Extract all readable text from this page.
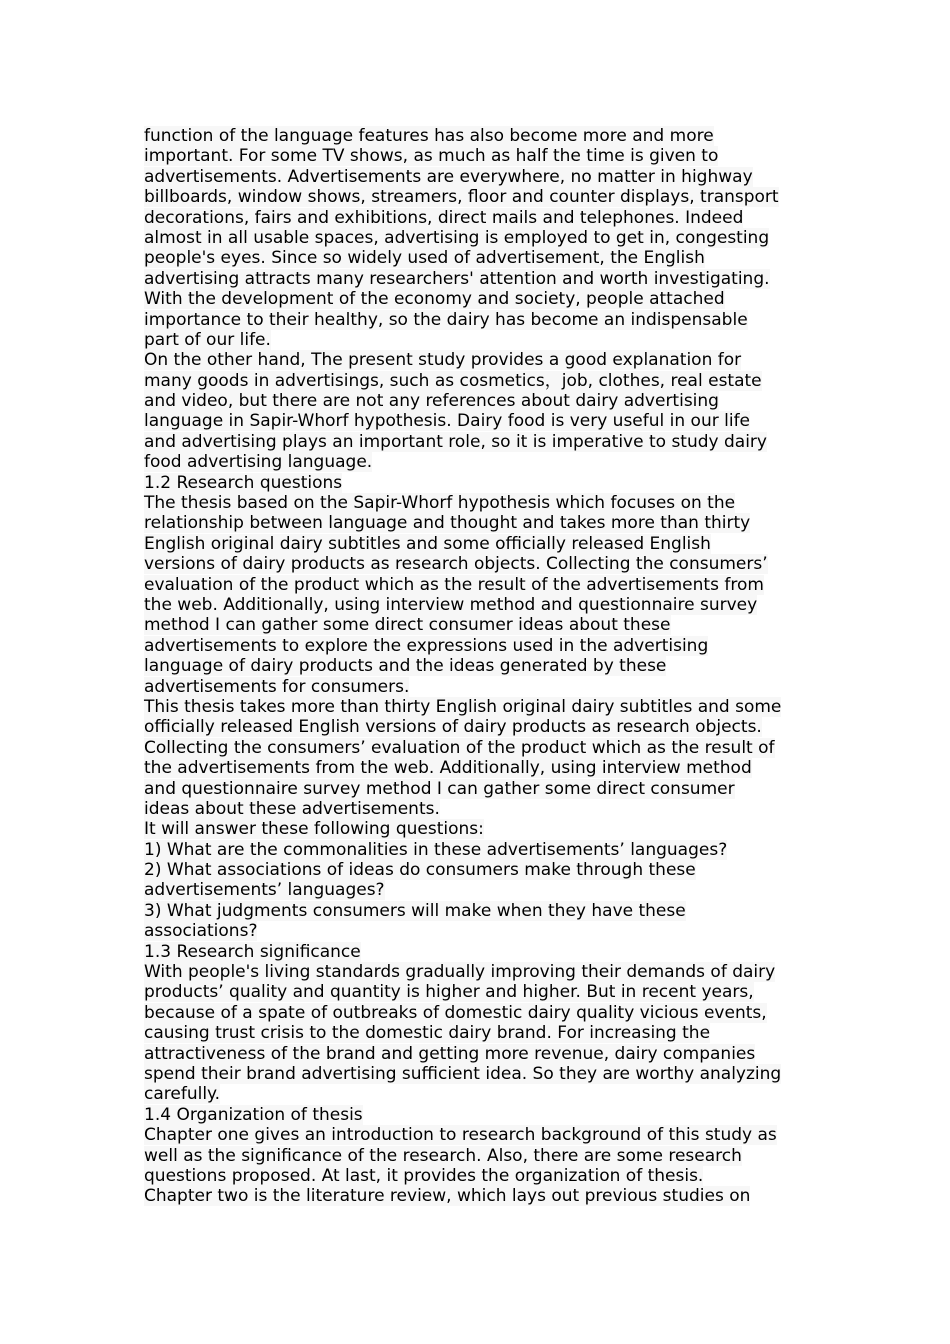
function of the language features has also become more and more
important. For some TV shows, as much as half the time is given to
advertisements. Advertisements are everywhere, no matter in highway
billboards, window shows, streamers, floor and counter displays, transport
decorations, fairs and exhibitions, direct mails and telephones. Indeed
almost in all usable spaces, advertising is employed to get in, congesting
people's eyes. Since so widely used of advertisement, the English
advertising attracts many researchers' attention and worth investigating.
With the development of the economy and society, people attached
importance to their healthy, so the dairy has become an indispensable
part of our life.
On the other hand, The present study provides a good explanation for
many goods in advertisings, such as cosmetics，job, clothes, real estate
and video, but there are not any references about dairy advertising
language in Sapir-Whorf hypothesis. Dairy food is very useful in our life
and advertising plays an important role, so it is imperative to study dairy
food advertising language.
1.2 Research questions
The thesis based on the Sapir-Whorf hypothesis which focuses on the
relationship between language and thought and takes more than thirty
English original dairy subtitles and some officially released English
versions of dairy products as research objects. Collecting the consumers’
evaluation of the product which as the result of the advertisements from
the web. Additionally, using interview method and questionnaire survey
method I can gather some direct consumer ideas about these
advertisements to explore the expressions used in the advertising
language of dairy products and the ideas generated by these
advertisements for consumers.
This thesis takes more than thirty English original dairy subtitles and some
officially released English versions of dairy products as research objects.
Collecting the consumers’ evaluation of the product which as the result of
the advertisements from the web. Additionally, using interview method
and questionnaire survey method I can gather some direct consumer
ideas about these advertisements.
It will answer these following questions:
1) What are the commonalities in these advertisements’ languages?
2) What associations of ideas do consumers make through these
advertisements’ languages?
3) What judgments consumers will make when they have these
associations?
1.3 Research significance
With people's living standards gradually improving their demands of dairy
products’ quality and quantity is higher and higher. But in recent years,
because of a spate of outbreaks of domestic dairy quality vicious events,
causing trust crisis to the domestic dairy brand. For increasing the
attractiveness of the brand and getting more revenue, dairy companies
spend their brand advertising sufficient idea. So they are worthy analyzing
carefully.
1.4 Organization of thesis
Chapter one gives an introduction to research background of this study as
well as the significance of the research. Also, there are some research
questions proposed. At last, it provides the organization of thesis.
Chapter two is the literature review, which lays out previous studies on
